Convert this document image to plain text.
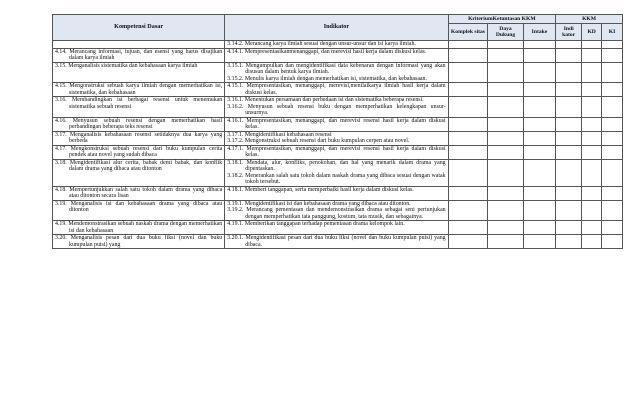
Kompetensi Dasar	Indikator	KriteriumKetuntasan KKM			KKM		
		Komplek sitas	Daya Dukung	Intake	Indi kator	KD	KI

	3.14.2. Merancang karya ilmiah sesuai dengan unsur-unsur dan isi karya ilmiah.						

4.14. Merancang informasi, tujuan, dan esensi yang harus disajikan dalam karya ilmiah	4.14.1. Mempresentasikanmenanggapi, dan merevisi hasil kerja dalam diskusi kelas.						

3.15. Menganalisis sistematika dan kebahasaan karya ilmiah	3.15.1. Mengumpulkan dan mengidentifikasi data kebenaran dengan informasi yang akan disusun dalam bentuk karya ilmiah.
3.15.2. Menulis karya ilmiah dengan memerhatikan isi, sistematika, dan kebahasaan.						

4.15. Mengonstruksi sebuah karya ilmiah dengan memerhatikan isi, sistematika, dan kebahasaan	4.15.1. Mempresentasikan, menanggapi, merevisi,menilaikarya ilmiah hasil kerja dalam diskusi kelas.						

3.16. Membandingkan isi berbagai resensi untuk menemukan sistematika sebuah resensi	3.16.1. Menentukan persamaan dan perbedaan isi dan sistematika beberapa resensi.
3.16.2. Menyusun sebuah resensi buku dengan memperhatikan kelengkapan unsur-unsurnya.						

4.16. Menyusun sebuah resensi dengan memerhatikan hasil perbandingan beberapa teks resensi	4.16.1. Mempresentasikan, menanggapi, dan merevisi resensi hasil kerja dalam diskusi kelas.						

3.17. Menganalisis kebahasaan resensi setidaknya dua karya yang berbeda	3.17.1. Mengidentifikasi kebahasaan resensi
3.17.2. Mengonstruksi sebuah resensi dari buku kumpulan cerpen atau novel.						

4.17. Mengkonstruksi sebuah resensi dari buku kumpulan cerita pendek atau novel yang sudah dibaca	4.17.1. Mempresentasikan, menanggapi, dan merevisi resensi hasil kerja dalam diskusi kelas.						

3.18. Mengidentifikasi alur cerita, babak demi babak, dan konflik dalam drama yang dibaca atau ditonton	3.18.1. Mendata, alur, konfliks, penokohan, dan hal yang menarik dalam drama yang dipentaskan.
3.18.2. Menerankan salah satu tokoh dalam naskah drama yang dibaca sesuai dengan watak tokoh tersebut.						

4.18. Mempertunjukkan salah satu tokoh dalam drama yang dibaca atau ditonton secara lisan	4.18.1. Memberi tanggapan, serta memperbaiki hasil kerja dalam diskusi kelas.						

3.19. Menganalisis isi dan kebahasaan drama yang dibaca atau ditonton	3.19.1. Mengidentifikasi isi dan kebahasaan drama yang dibaca atau ditonton.
3.19.2. Merancang pementasan dan mendemonstrasikan drama sebagai seni pertunjukan dengan memperhatikan tata panggung, kostum, tata musik, dan sebagainya.						

4.19. Mendemonstrasikan sebuah naskah drama dengan memerhatikan isi dan kebahasaan	4.19.1. Memberikan tanggapan terhadap pementasan drama kelompok lain.						

3.20. Menganalisis pesan dari dua buku fiksi (novel dan buku kumpulan puisi) yang	3.20.1. Mengidentifikasi pesan dari dua buku fiksi (novel dan buku kumpulan puisi) yang dibaca.						
